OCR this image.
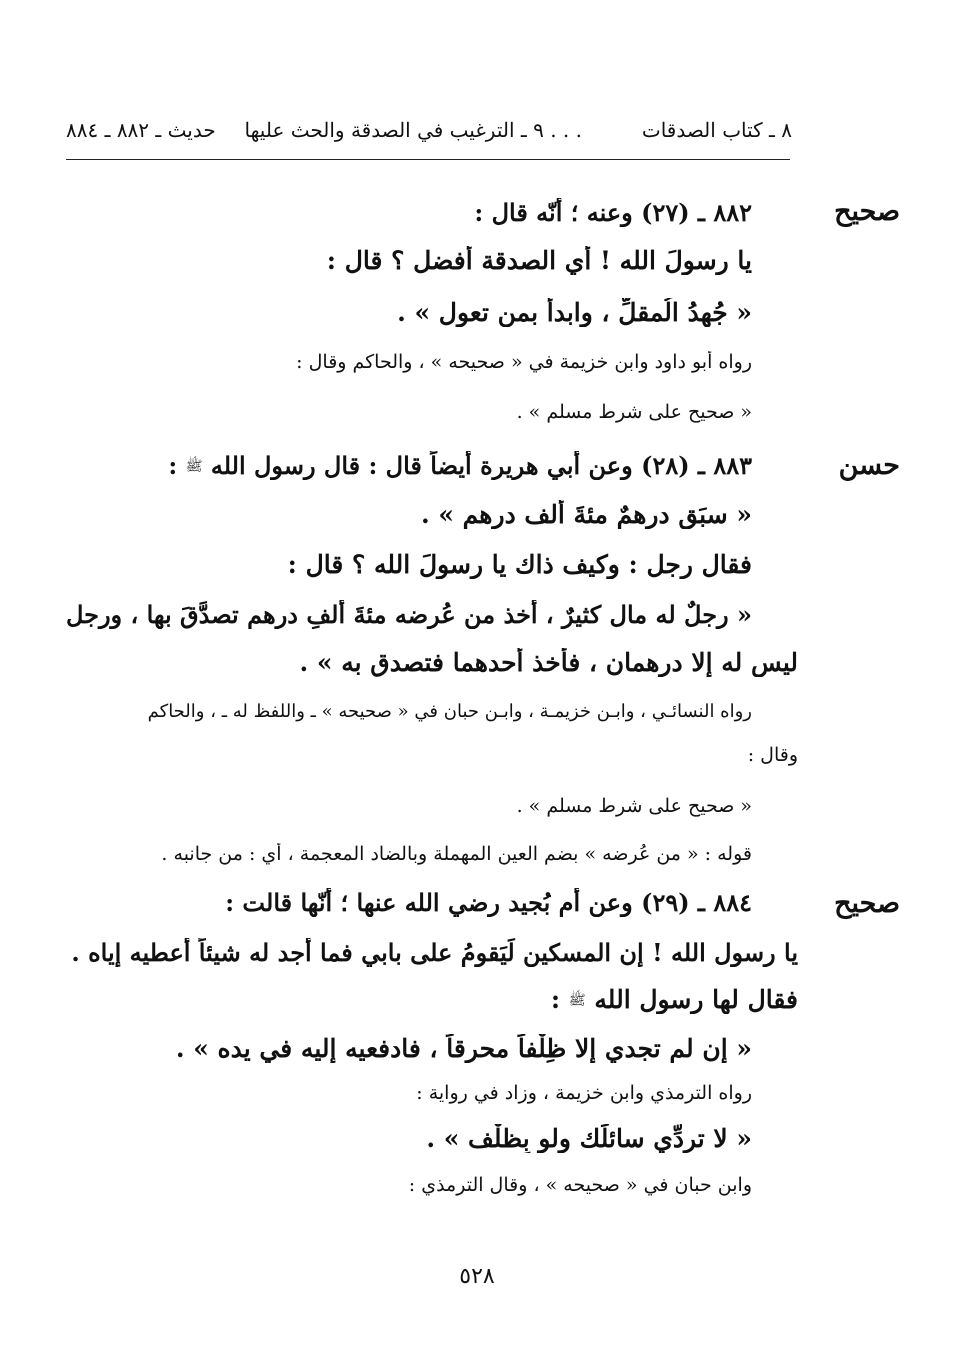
٨ ـ كتاب الصدقات
٩ ـ الترغيب في الصدقة والحث عليها . . .
حديث ـ ٨٨٢ ـ ٨٨٤
صحيح
٨٨٢ ـ (٢٧) وعنه ؛ أنّه قال :
يا رسولَ الله ! أي الصدقة أفضل ؟ قال :
« جُهدُ الُمقلِّ ، وابدأ بمن تعول » .
رواه أبو داود وابن خزيمة في « صحيحه » ، والحاكم وقال :
« صحيح على شرط مسلم » .
حسن
٨٨٣ ـ (٢٨) وعن أبي هريرة أيضاً قال : قال رسول الله ﷺ :
« سبَق درهمٌ مئةَ ألف درهم » .
فقال رجل : وكيف ذاك يا رسولَ الله ؟ قال :
« رجلٌ له مال كثيرٌ ، أخذ من عُرضه مئةَ ألفِ درهم تصدَّقَ بها ، ورجل
ليس له إلا درهمان ، فأخذ أحدهما فتصدق به » .
رواه النسائـي ، وابـن خزيمـة ، وابـن حبان في « صحيحه » ـ واللفظ له ـ ، والحاكم
وقال :
« صحيح على شرط مسلم » .
قوله : « من عُرضه » بضم العين المهملة وبالضاد المعجمة ، أي : من جانبه .
صحيح
٨٨٤ ـ (٢٩) وعن أم بُجيد رضي الله عنها ؛ أنّها قالت :
يا رسول الله ! إن المسكين لَيَقومُ على بابي فما أجد له شيئاً أعطيه إياه .
فقال لها رسول الله ﷺ :
« إن لم تجدي إلا ظِلْفاً محرقاً ، فادفعيه إليه في يده » .
رواه الترمذي وابن خزيمة ، وزاد في رواية :
« لا تردِّي سائلَك ولو بِظلْف » .
وابن حبان في « صحيحه » ، وقال الترمذي :
٥٢٨
